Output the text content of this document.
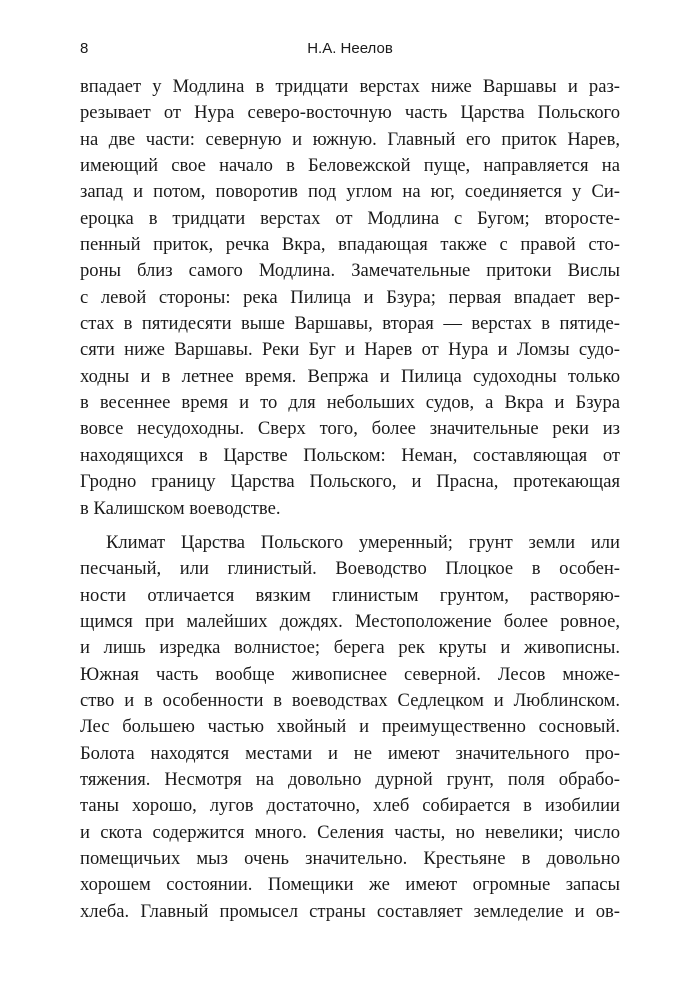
8	Н.А. Неелов
впадает у Модлина в тридцати верстах ниже Варшавы и раз-
резывает от Нура северо-восточную часть Царства Польского
на две части: северную и южную. Главный его приток Нарев,
имеющий свое начало в Беловежской пуще, направляется на
запад и потом, поворотив под углом на юг, соединяется у Си-
ероцка в тридцати верстах от Модлина с Бугом; второсте-
пенный приток, речка Вкра, впадающая также с правой сто-
роны близ самого Модлина. Замечательные притоки Вислы
с левой стороны: река Пилица и Бзура; первая впадает вер-
стах в пятидесяти выше Варшавы, вторая — верстах в пятиде-
сяти ниже Варшавы. Реки Буг и Нарев от Нура и Ломзы судо-
ходны и в летнее время. Вепржа и Пилица судоходны только
в весеннее время и то для небольших судов, а Вкра и Бзура
вовсе несудоходны. Сверх того, более значительные реки из
находящихся в Царстве Польском: Неман, составляющая от
Гродно границу Царства Польского, и Прасна, протекающая
в Калишском воеводстве.
Климат Царства Польского умеренный; грунт земли или
песчаный, или глинистый. Воеводство Плоцкое в особен-
ности отличается вязким глинистым грунтом, растворяю-
щимся при малейших дождях. Местоположение более ровное,
и лишь изредка волнистое; берега рек круты и живописны.
Южная часть вообще живописнее северной. Лесов множе-
ство и в особенности в воеводствах Седлецком и Люблинском.
Лес большею частью хвойный и преимущественно сосновый.
Болота находятся местами и не имеют значительного про-
тяжения. Несмотря на довольно дурной грунт, поля обрабо-
таны хорошо, лугов достаточно, хлеб собирается в изобилии
и скота содержится много. Селения часты, но невелики; число
помещичьих мыз очень значительно. Крестьяне в довольно
хорошем состоянии. Помещики же имеют огромные запасы
хлеба. Главный промысел страны составляет земледелие и ов-
